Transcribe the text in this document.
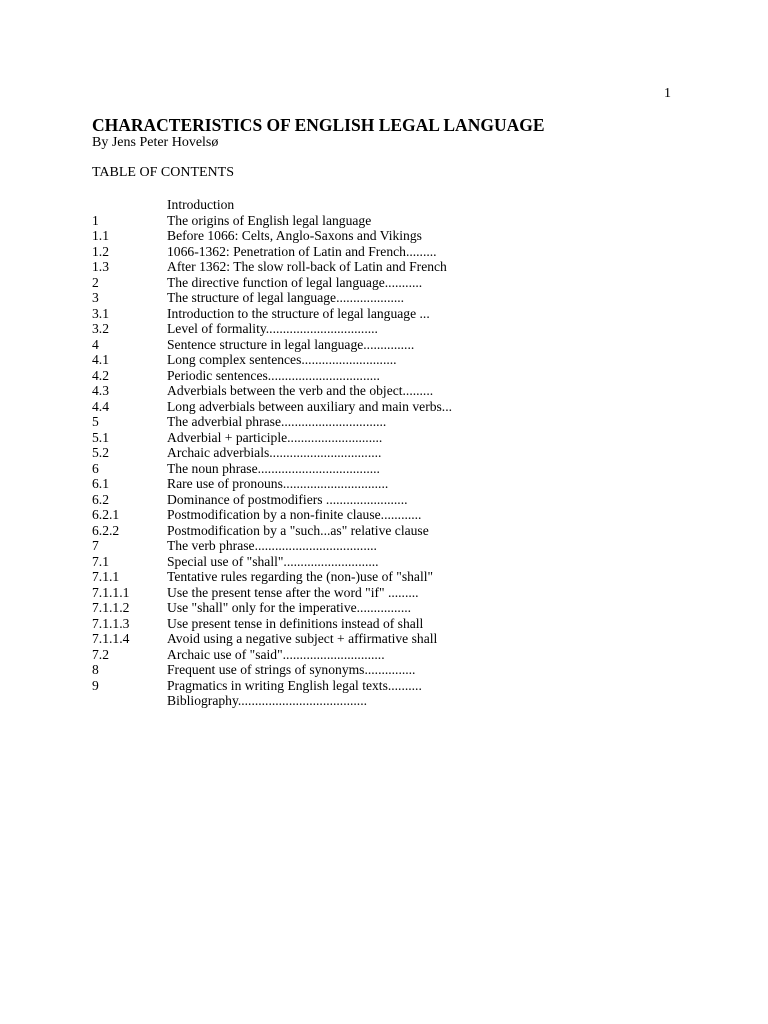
1
CHARACTERISTICS OF ENGLISH LEGAL LANGUAGE
By Jens Peter Hovelsø
TABLE OF CONTENTS
Introduction
1	The origins of English legal language
1.1	Before 1066: Celts, Anglo-Saxons and Vikings
1.2	1066-1362: Penetration of Latin and French.........
1.3	After 1362: The slow roll-back of Latin and French
2	The directive function of legal language...........
3	The structure of legal language....................
3.1	Introduction to the structure of legal language ...
3.2	Level of formality.................................
4	Sentence structure in legal language...............
4.1	Long complex sentences............................
4.2	Periodic sentences.................................
4.3	Adverbials between the verb and the object.........
4.4	Long adverbials between auxiliary and main verbs...
5	The adverbial phrase...............................
5.1	Adverbial + participle............................
5.2	Archaic adverbials.................................
6	The noun phrase....................................
6.1	Rare use of pronouns...............................
6.2	Dominance of postmodifiers ........................
6.2.1	Postmodification by a non-finite clause............
6.2.2	Postmodification by a "such...as" relative clause
7	The verb phrase....................................
7.1	Special use of "shall"............................
7.1.1	Tentative rules regarding the (non-)use of "shall"
7.1.1.1	Use the present tense after the word "if" .........
7.1.1.2	Use "shall" only for the imperative................
7.1.1.3	Use present tense in definitions instead of shall
7.1.1.4	Avoid using a negative subject + affirmative shall
7.2	Archaic use of "said"..............................
8	Frequent use of strings of synonyms...............
9	Pragmatics in writing English legal texts..........
Bibliography......................................
